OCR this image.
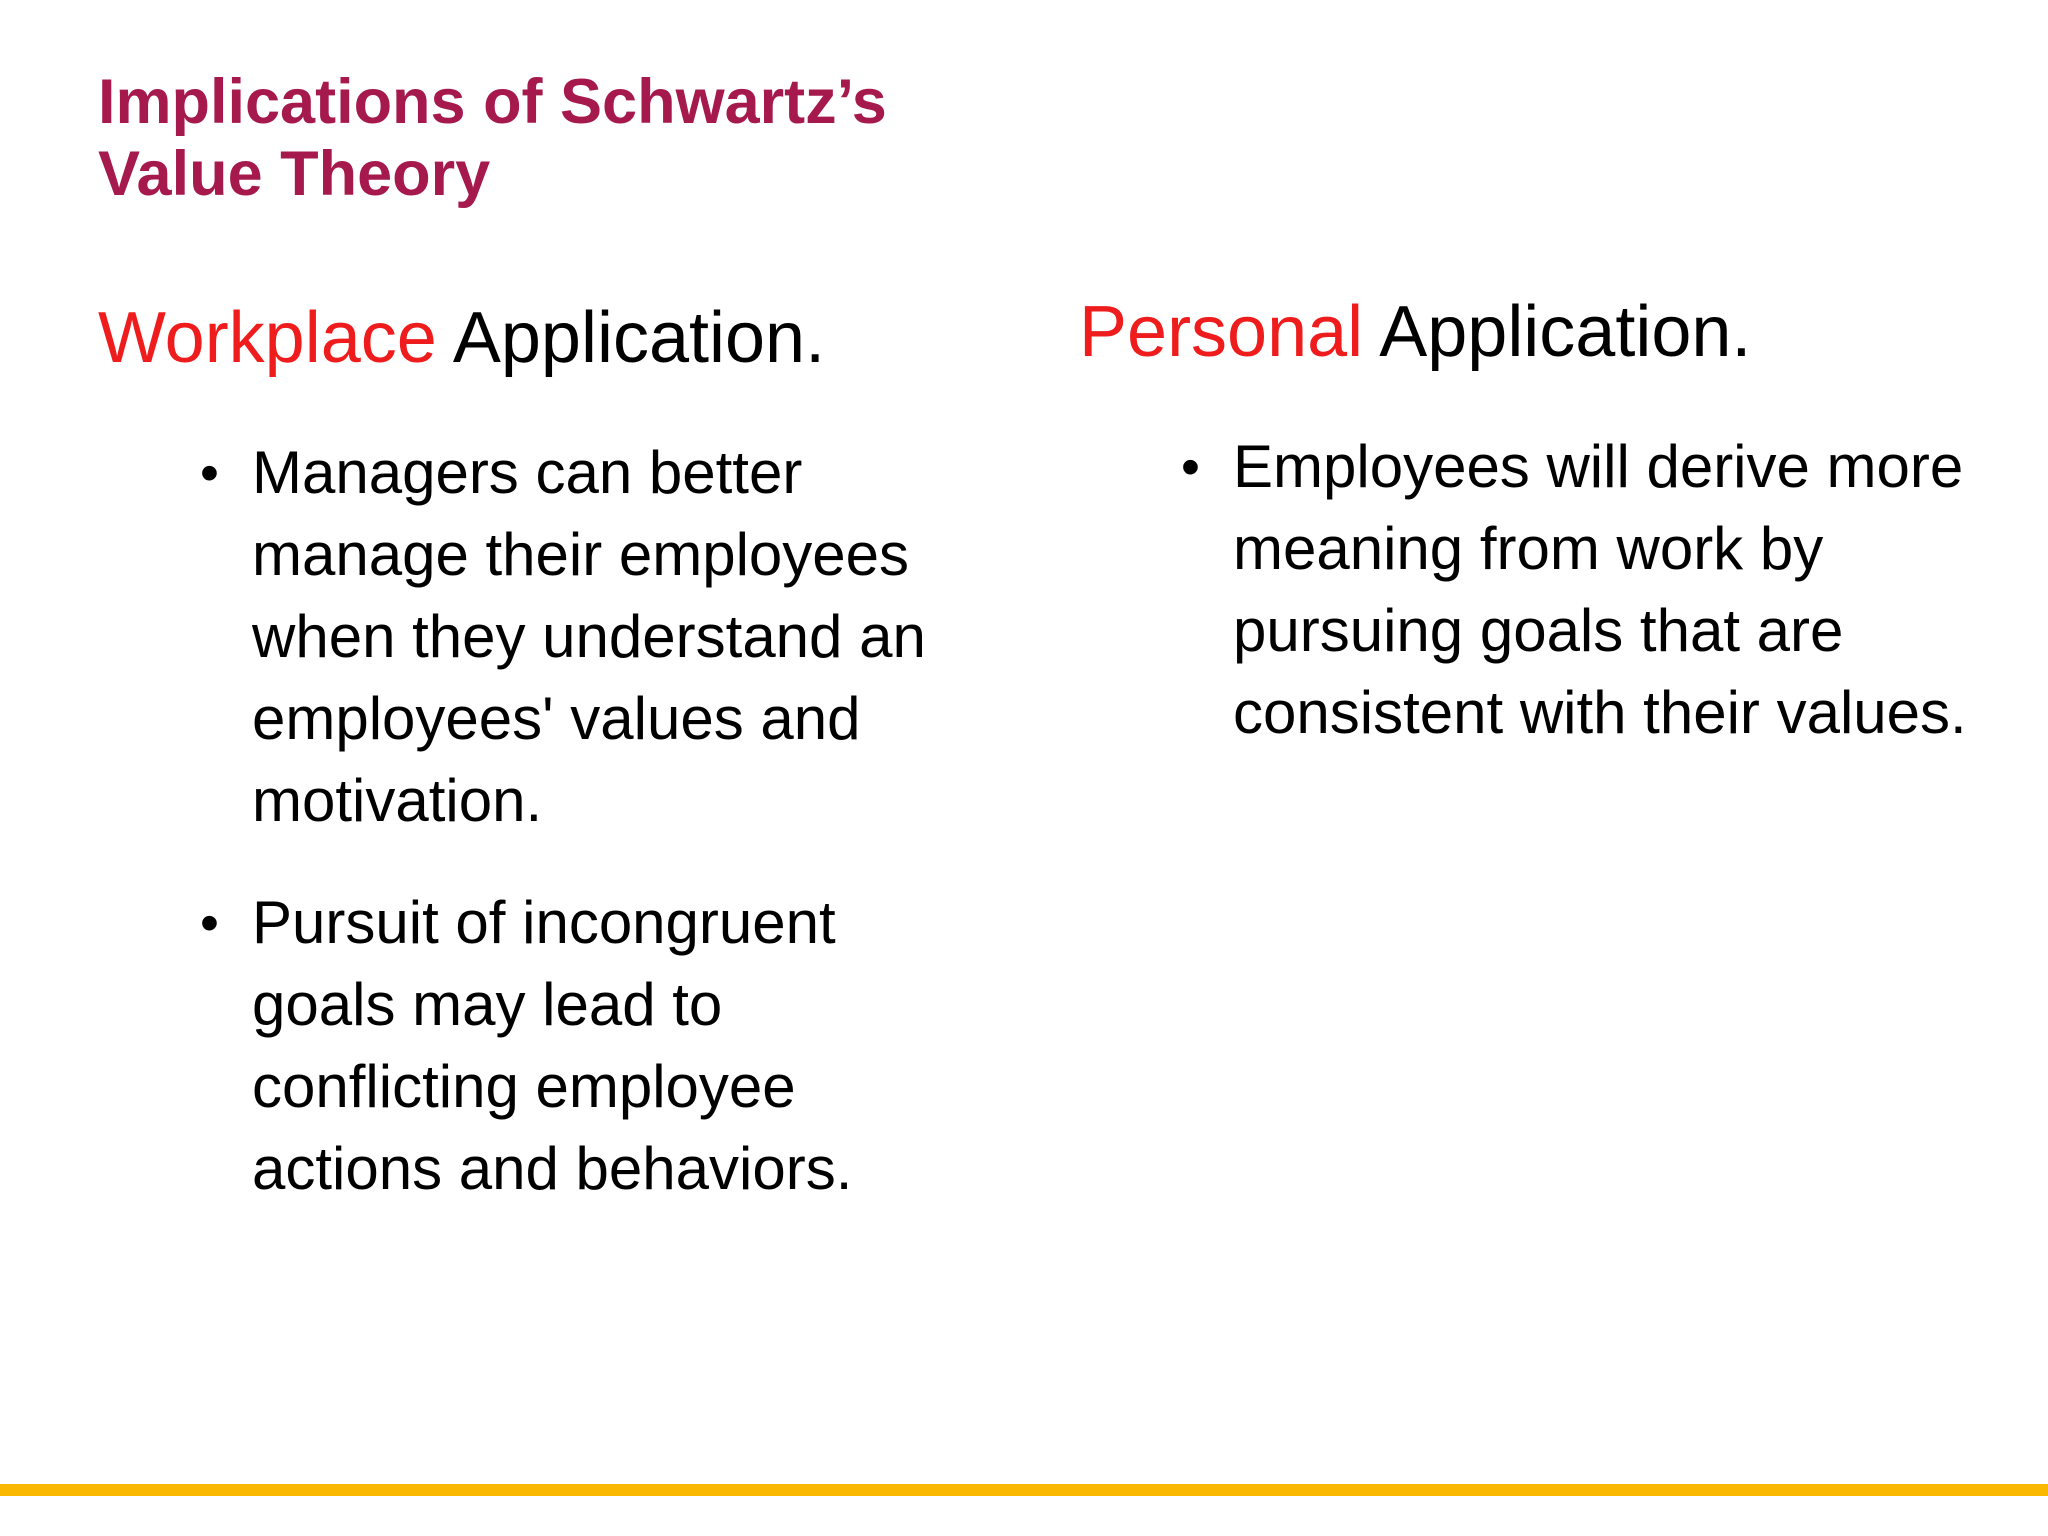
Implications of Schwartz’s
Value Theory
Workplace Application.
• Managers can better manage their employees when they understand an employees' values and motivation.
• Pursuit of incongruent goals may lead to conflicting employee actions and behaviors.
Personal Application.
• Employees will derive more meaning from work by pursuing goals that are consistent with their values.
